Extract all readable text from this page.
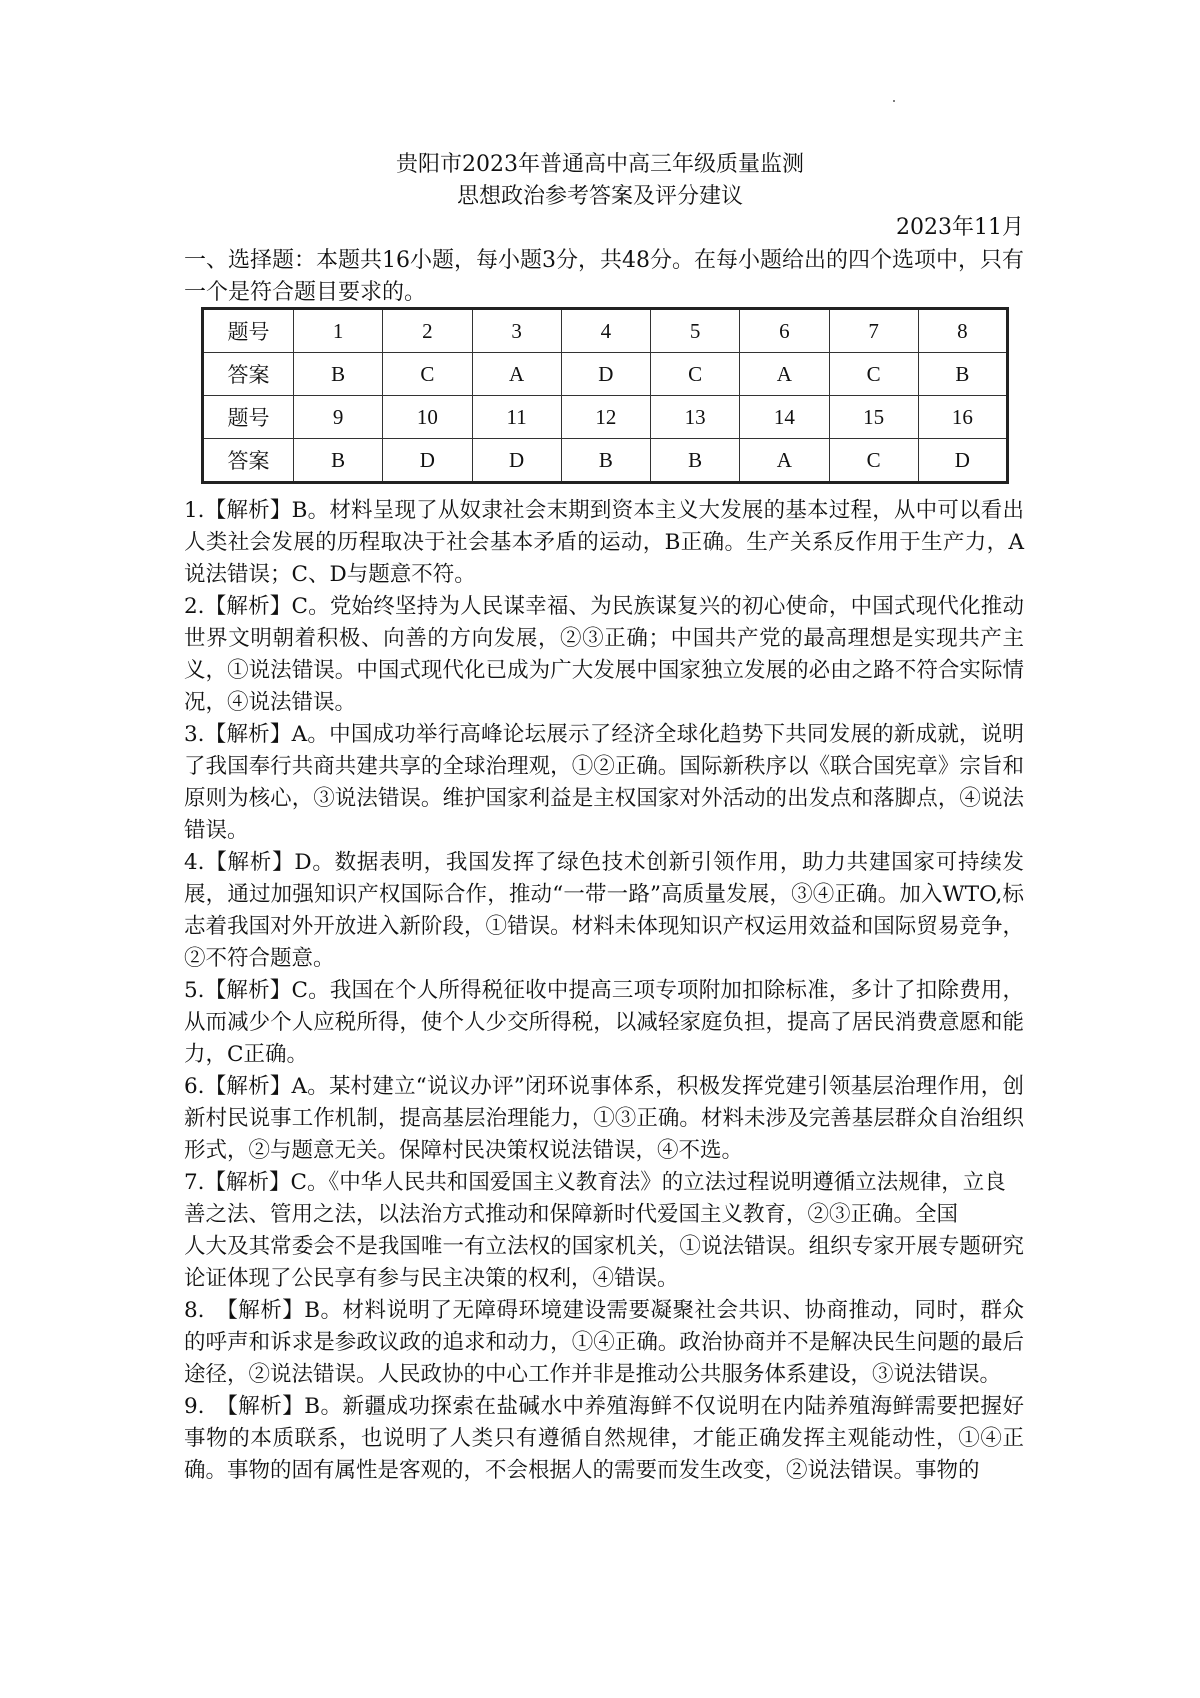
贵阳市2023年普通高中高三年级质量监测
思想政治参考答案及评分建议
2023年11月
一、选择题：本题共16小题，每小题3分，共48分。在每小题给出的四个选项中，只有一个是符合题目要求的。
题号	1	2	3	4	5	6	7	8
答案	B	C	A	D	C	A	C	B
题号	9	10	11	12	13	14	15	16
答案	B	D	D	B	B	A	C	D

1.【解析】B。材料呈现了从奴隶社会末期到资本主义大发展的基本过程，从中可以看出人类社会发展的历程取决于社会基本矛盾的运动，B正确。生产关系反作用于生产力，A说法错误；C、D与题意不符。

2.【解析】C。党始终坚持为人民谋幸福、为民族谋复兴的初心使命，中国式现代化推动世界文明朝着积极、向善的方向发展，②③正确；中国共产党的最高理想是实现共产主义，①说法错误。中国式现代化已成为广大发展中国家独立发展的必由之路不符合实际情况，④说法错误。

3.【解析】A。中国成功举行高峰论坛展示了经济全球化趋势下共同发展的新成就，说明了我国奉行共商共建共享的全球治理观，①②正确。国际新秩序以《联合国宪章》宗旨和原则为核心，③说法错误。维护国家利益是主权国家对外活动的出发点和落脚点，④说法错误。

4.【解析】D。数据表明，我国发挥了绿色技术创新引领作用，助力共建国家可持续发展，通过加强知识产权国际合作，推动“一带一路”高质量发展，③④正确。加入WTO,标志着我国对外开放进入新阶段，①错误。材料未体现知识产权运用效益和国际贸易竞争，②不符合题意。

5.【解析】C。我国在个人所得税征收中提高三项专项附加扣除标准，多计了扣除费用，从而减少个人应税所得，使个人少交所得税，以减轻家庭负担，提高了居民消费意愿和能力，C正确。

6.【解析】A。某村建立“说议办评”闭环说事体系，积极发挥党建引领基层治理作用，创新村民说事工作机制，提高基层治理能力，①③正确。材料未涉及完善基层群众自治组织形式，②与题意无关。保障村民决策权说法错误，④不选。

7.【解析】C。《中华人民共和国爱国主义教育法》的立法过程说明遵循立法规律，立良

善之法、管用之法，以法治方式推动和保障新时代爱国主义教育，②③正确。全国

人大及其常委会不是我国唯一有立法权的国家机关，①说法错误。组织专家开展专题研究论证体现了公民享有参与民主决策的权利，④错误。

8.　【解析】B。材料说明了无障碍环境建设需要凝聚社会共识、协商推动，同时，群众的呼声和诉求是参政议政的追求和动力，①④正确。政治协商并不是解决民生问题的最后途径，②说法错误。人民政协的中心工作并非是推动公共服务体系建设，③说法错误。

9.　【解析】B。新疆成功探索在盐碱水中养殖海鲜不仅说明在内陆养殖海鲜需要把握好事物的本质联系，也说明了人类只有遵循自然规律，才能正确发挥主观能动性，①④正确。事物的固有属性是客观的，不会根据人的需要而发生改变，②说法错误。事物的
